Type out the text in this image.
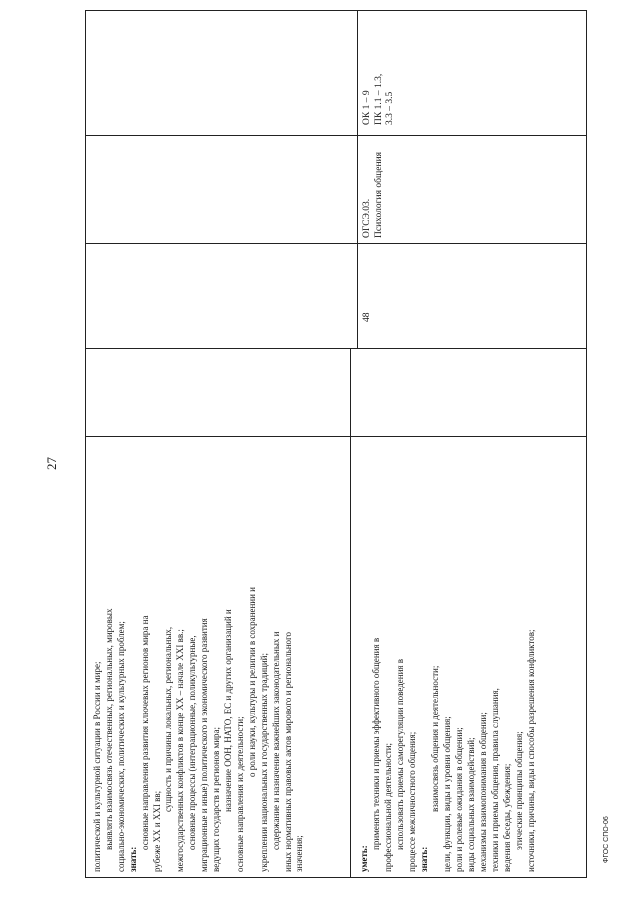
27
ФГОС СПО-06
политической и культурной ситуации в России и мире; выявлять взаимосвязь отечественных, региональных, мировых социально-экономических, политических и культурных проблем; знать:
основные направления развития ключевых регионов мира на рубеже XX и XXI вв;
сущность и причины локальных, региональных, межгосударственных конфликтов в конце XX – начале XXI вв.; основные процессы (интеграционные, поликультурные, миграционные и иные) политического и экономического развития ведущих государств и регионов мира; назначение ООН, НАТО, ЕС и других организаций и основные направления их деятельности;
о роли науки, культуры и религии в сохранении и укреплении национальных и государственных традиций; содержание и назначение важнейших законодательных и иных нормативных правовых актов мирового и регионального значения;	уметь:
применять техники и приемы эффективного общения в профессиональной деятельности; использовать приемы саморегуляции поведения в процессе межличностного общения; знать:
взаимосвязь общения и деятельности; цели, функции, виды и уровни общения; роли и ролевые ожидания в общении; виды социальных взаимодействий; механизмы взаимопонимания в общении; техники и приемы общения, правила слушания, ведения беседы, убеждения; этические принципы общения; источники, причины, виды и способы разрешения конфликтов;
48
ОГСЭ.03. Психология общения
ОК 1 – 9 ПК 1.1 – 1.3, 3.3 – 3.5
